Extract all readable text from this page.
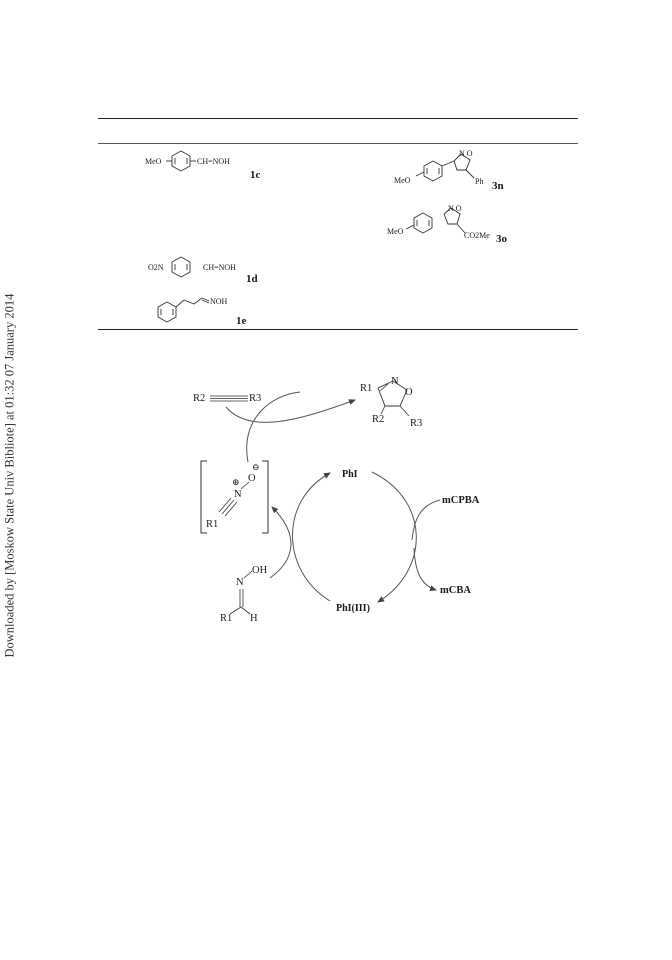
Downloaded by [Moskow State Univ Bibliote] at 01:32 07 January 2014
MeO	CH=NOH
1c	MeO
N O
Ph 3n
MeO
N O
CO2Me 3o
O2N	CH=NOH
1d
NOH
1e
R2	R3
R1
N
O
R2 R3
N
⊕ O
⊖
R1
N
OH
R1 H
PhI
PhI(III)
mCPBA
mCBA
